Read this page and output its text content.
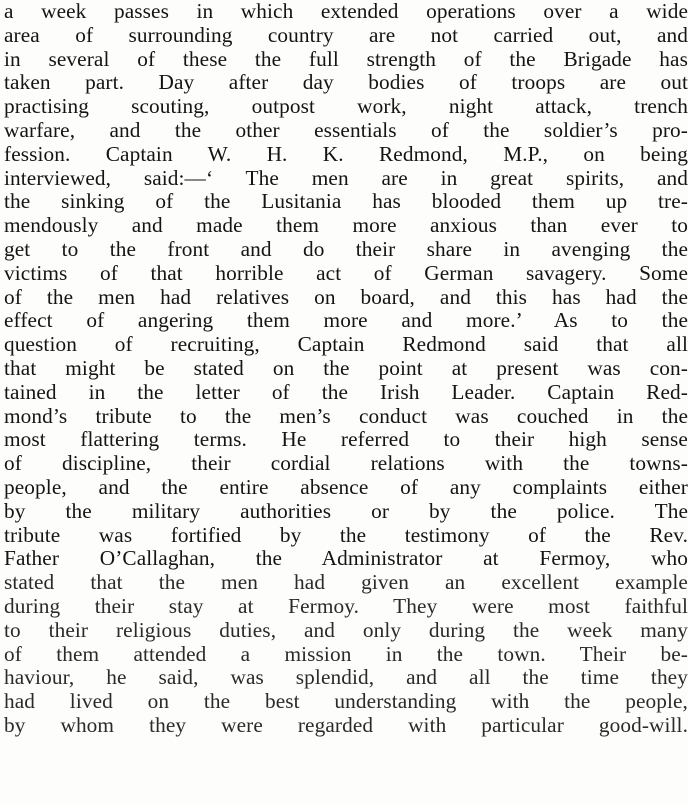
a week passes in which extended operations over a wide
area of surrounding country are not carried out, and
in several of these the full strength of the Brigade has
taken part. Day after day bodies of troops are out
practising scouting, outpost work, night attack, trench
warfare, and the other essentials of the soldier’s pro-
fession. Captain W. H. K. Redmond, M.P., on being
interviewed, said:—‘ The men are in great spirits, and
the sinking of the Lusitania has blooded them up tre-
mendously and made them more anxious than ever to
get to the front and do their share in avenging the
victims of that horrible act of German savagery. Some
of the men had relatives on board, and this has had the
effect of angering them more and more.’ As to the
question of recruiting, Captain Redmond said that all
that might be stated on the point at present was con-
tained in the letter of the Irish Leader. Captain Red-
mond’s tribute to the men’s conduct was couched in the
most flattering terms. He referred to their high sense
of discipline, their cordial relations with the towns-
people, and the entire absence of any complaints either
by the military authorities or by the police. The
tribute was fortified by the testimony of the Rev.
Father O’Callaghan, the Administrator at Fermoy, who
stated that the men had given an excellent example
during their stay at Fermoy. They were most faithful
to their religious duties, and only during the week many
of them attended a mission in the town. Their be-
haviour, he said, was splendid, and all the time they
had lived on the best understanding with the people,
by whom they were regarded with particular good-will.
